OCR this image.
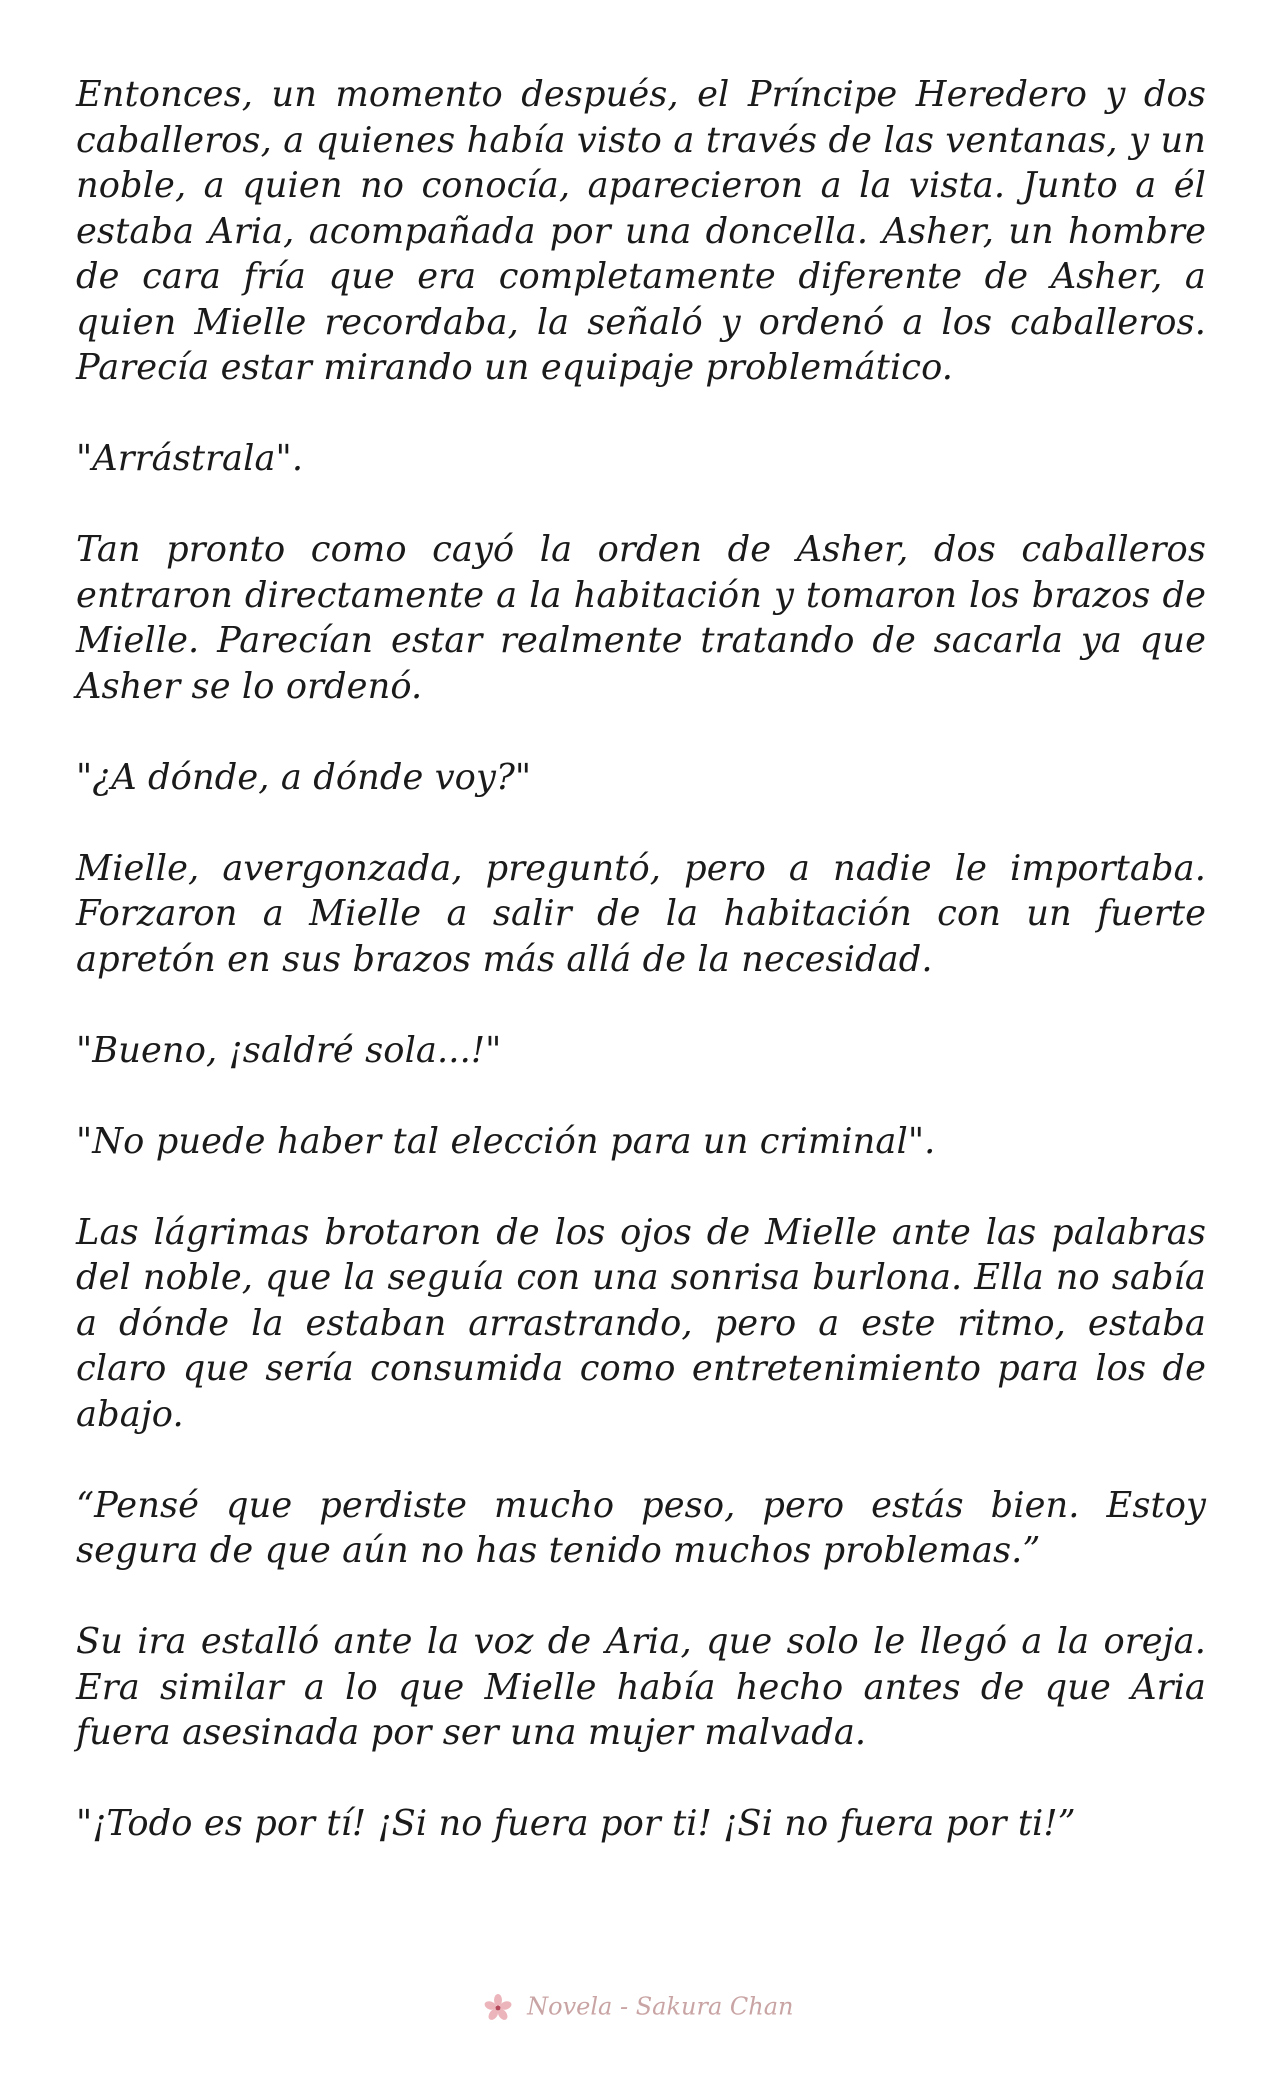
Entonces, un momento después, el Príncipe Heredero y dos caballeros, a quienes había visto a través de las ventanas, y un noble, a quien no conocía, aparecieron a la vista. Junto a él estaba Aria, acompañada por una doncella. Asher, un hombre de cara fría que era completamente diferente de Asher, a quien Mielle recordaba, la señaló y ordenó a los caballeros. Parecía estar mirando un equipaje problemático.

"Arrástrala".

Tan pronto como cayó la orden de Asher, dos caballeros entraron directamente a la habitación y tomaron los brazos de Mielle. Parecían estar realmente tratando de sacarla ya que Asher se lo ordenó.

"¿A dónde, a dónde voy?"

Mielle, avergonzada, preguntó, pero a nadie le importaba. Forzaron a Mielle a salir de la habitación con un fuerte apretón en sus brazos más allá de la necesidad.

"Bueno, ¡saldré sola...!"

"No puede haber tal elección para un criminal".

Las lágrimas brotaron de los ojos de Mielle ante las palabras del noble, que la seguía con una sonrisa burlona. Ella no sabía a dónde la estaban arrastrando, pero a este ritmo, estaba claro que sería consumida como entretenimiento para los de abajo.

“Pensé que perdiste mucho peso, pero estás bien. Estoy segura de que aún no has tenido muchos problemas.”

Su ira estalló ante la voz de Aria, que solo le llegó a la oreja. Era similar a lo que Mielle había hecho antes de que Aria fuera asesinada por ser una mujer malvada.

"¡Todo es por tí! ¡Si no fuera por ti! ¡Si no fuera por ti!”

Novela - Sakura Chan
